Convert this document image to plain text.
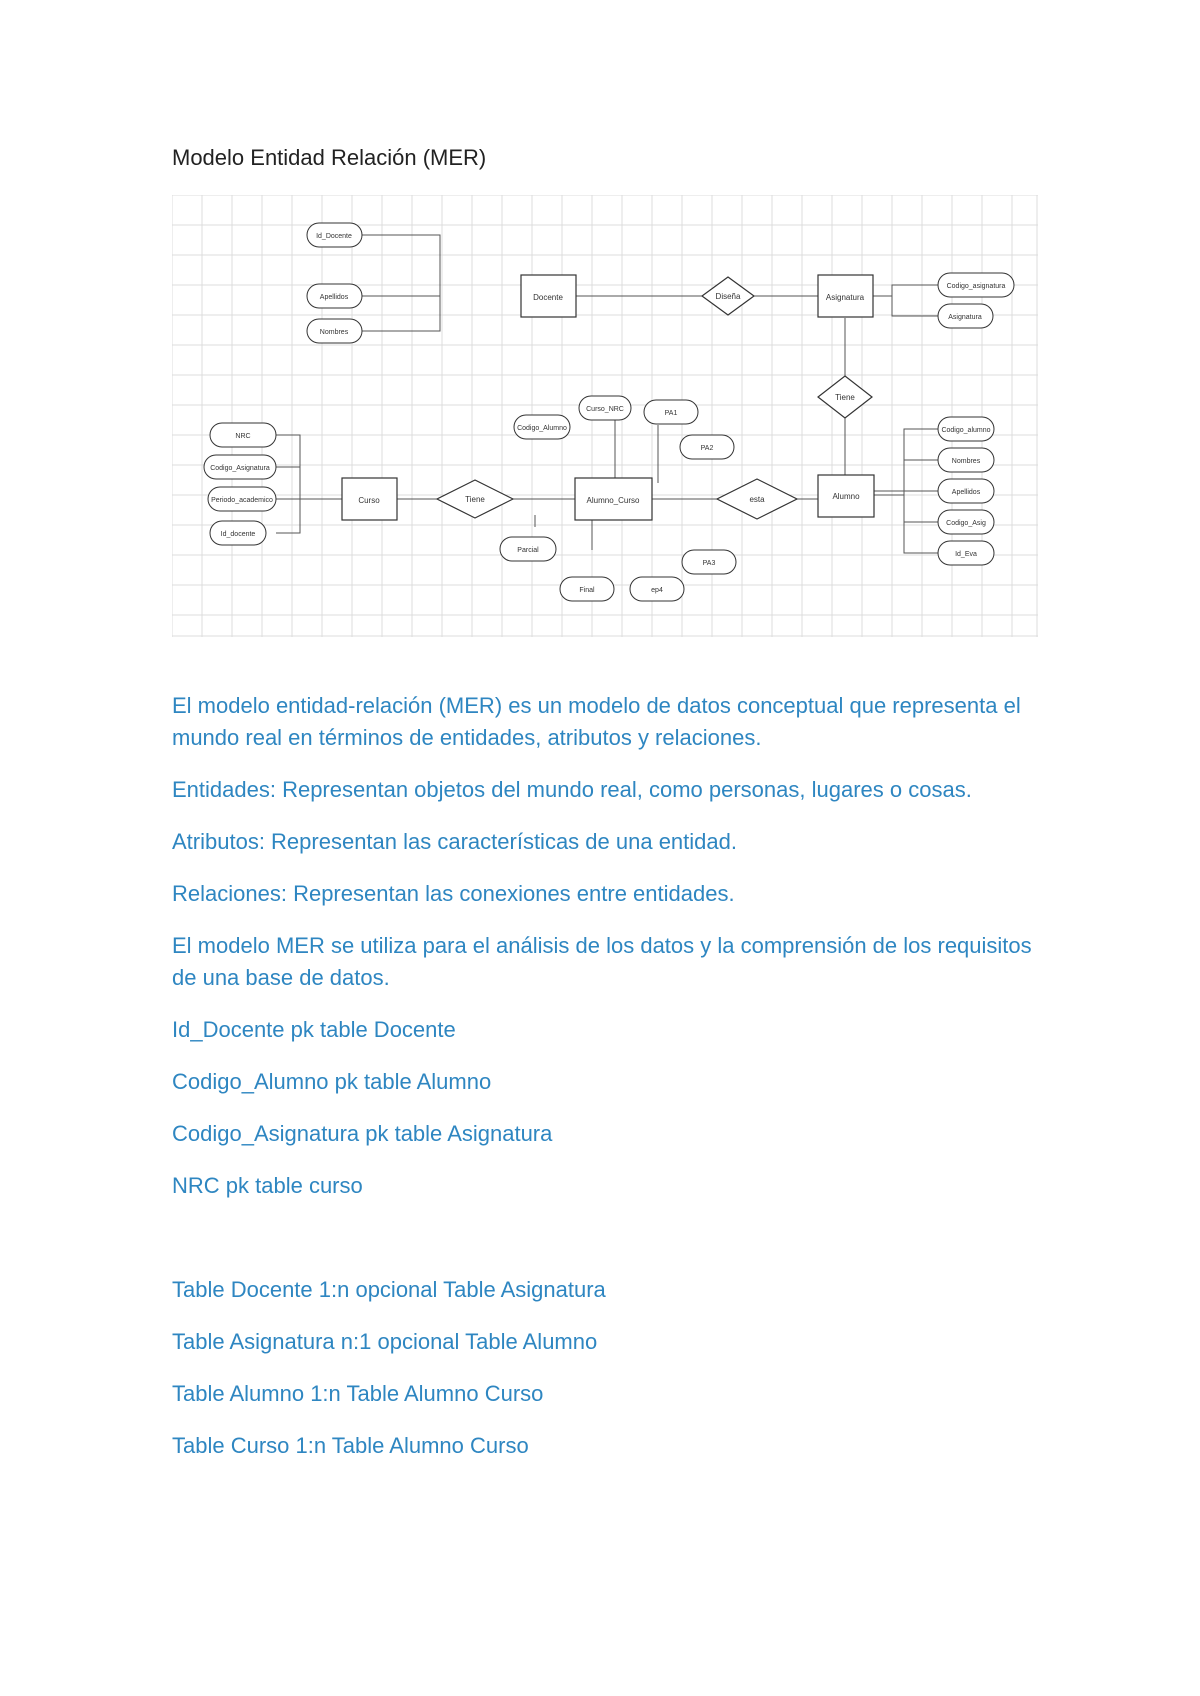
Modelo Entidad Relación (MER)
Docente	Asignatura
Curso	Alumno_Curso	Alumno
Diseña
Tiene
Tiene	esta
Id_Docente
Apellidos
Nombres
Codigo_asignatura
Asignatura
NRC
Codigo_Asignatura
Periodo_academico
Id_docente
Codigo_Alumno
Curso_NRC
PA1
PA2
Parcial
Final	ep4
PA3
Codigo_alumno
Nombres
Apellidos
Codigo_Asig
Id_Eva

El modelo entidad-relación (MER) es un modelo de datos conceptual que representa el mundo real en términos de entidades, atributos y relaciones.

Entidades: Representan objetos del mundo real, como personas, lugares o cosas.

Atributos: Representan las características de una entidad.

Relaciones: Representan las conexiones entre entidades.

El modelo MER se utiliza para el análisis de los datos y la comprensión de los requisitos de una base de datos.

Id_Docente pk table Docente

Codigo_Alumno pk table Alumno

Codigo_Asignatura pk table Asignatura

NRC pk table curso

Table Docente 1:n opcional Table Asignatura

Table Asignatura n:1 opcional Table Alumno

Table Alumno 1:n Table Alumno Curso

Table Curso 1:n Table Alumno Curso
